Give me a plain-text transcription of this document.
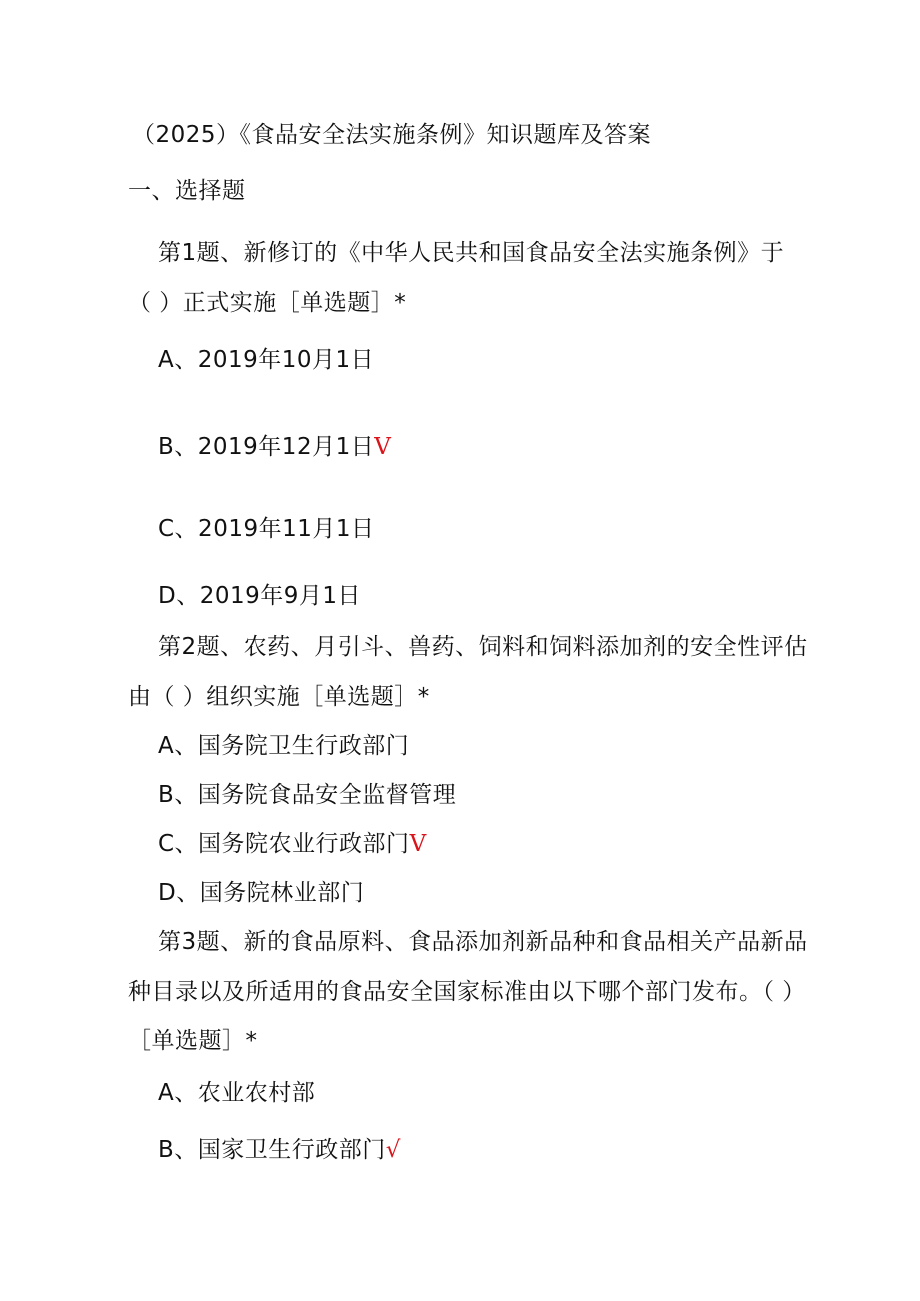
（2025）《食品安全法实施条例》知识题库及答案
一、选择题
第1题、新修订的《中华人民共和国食品安全法实施条例》于
（ ）正式实施［单选题］*
A、2019年10月1日
B、2019年12月1日V
C、2019年11月1日
D、2019年9月1日
第2题、农药、月引斗、兽药、饲料和饲料添加剂的安全性评估
由（ ）组织实施［单选题］*
A、国务院卫生行政部门
B、国务院食品安全监督管理
C、国务院农业行政部门V
D、国务院林业部门
第3题、新的食品原料、食品添加剂新品种和食品相关产品新品
种目录以及所适用的食品安全国家标准由以下哪个部门发布。（ ）
［单选题］*
A、农业农村部
B、国家卫生行政部门√
